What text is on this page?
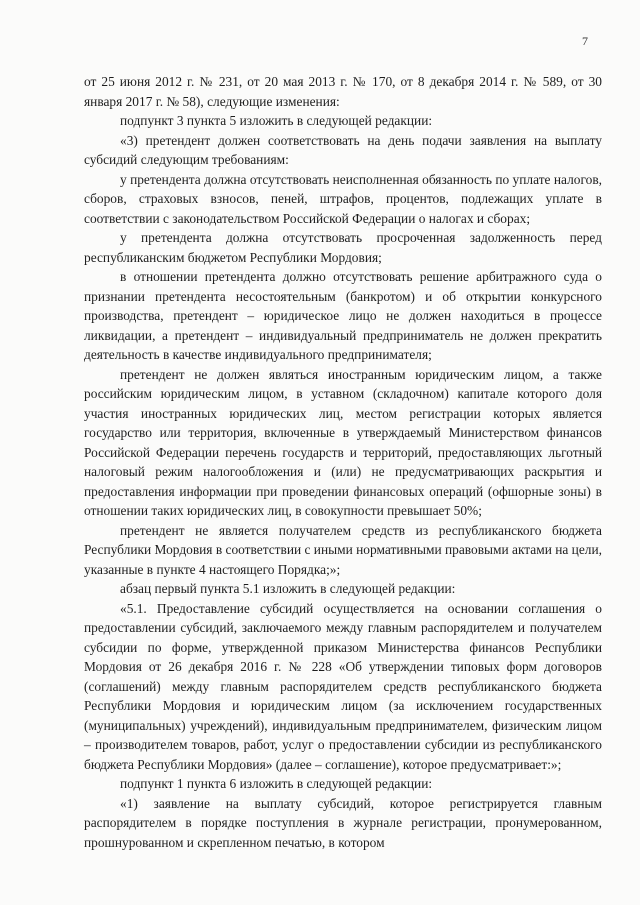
7

от 25 июня 2012 г. № 231, от 20 мая 2013 г. № 170, от 8 декабря 2014 г. № 589, от 30 января 2017 г. № 58), следующие изменения:

подпункт 3 пункта 5 изложить в следующей редакции:

«3) претендент должен соответствовать на день подачи заявления на выплату субсидий следующим требованиям:

у претендента должна отсутствовать неисполненная обязанность по уплате налогов, сборов, страховых взносов, пеней, штрафов, процентов, подлежащих уплате в соответствии с законодательством Российской Федерации о налогах и сборах;

у претендента должна отсутствовать просроченная задолженность перед республиканским бюджетом Республики Мордовия;

в отношении претендента должно отсутствовать решение арбитражного суда о признании претендента несостоятельным (банкротом) и об открытии конкурсного производства, претендент – юридическое лицо не должен находиться в процессе ликвидации, а претендент – индивидуальный предприниматель не должен прекратить деятельность в качестве индивидуального предпринимателя;

претендент не должен являться иностранным юридическим лицом, а также российским юридическим лицом, в уставном (складочном) капитале которого доля участия иностранных юридических лиц, местом регистрации которых является государство или территория, включенные в утверждаемый Министерством финансов Российской Федерации перечень государств и территорий, предоставляющих льготный налоговый режим налогообложения и (или) не предусматривающих раскрытия и предоставления информации при проведении финансовых операций (офшорные зоны) в отношении таких юридических лиц, в совокупности превышает 50%;

претендент не является получателем средств из республиканского бюджета Республики Мордовия в соответствии с иными нормативными правовыми актами на цели, указанные в пункте 4 настоящего Порядка;»;

абзац первый пункта 5.1 изложить в следующей редакции:

«5.1. Предоставление субсидий осуществляется на основании соглашения о предоставлении субсидий, заключаемого между главным распорядителем и получателем субсидии по форме, утвержденной приказом Министерства финансов Республики Мордовия от 26 декабря 2016 г. № 228 «Об утверждении типовых форм договоров (соглашений) между главным распорядителем средств республиканского бюджета Республики Мордовия и юридическим лицом (за исключением государственных (муниципальных) учреждений), индивидуальным предпринимателем, физическим лицом – производителем товаров, работ, услуг о предоставлении субсидии из республиканского бюджета Республики Мордовия» (далее – соглашение), которое предусматривает:»;

подпункт 1 пункта 6 изложить в следующей редакции:

«1) заявление на выплату субсидий, которое регистрируется главным распорядителем в порядке поступления в журнале регистрации, пронумерованном, прошнурованном и скрепленном печатью, в котором
